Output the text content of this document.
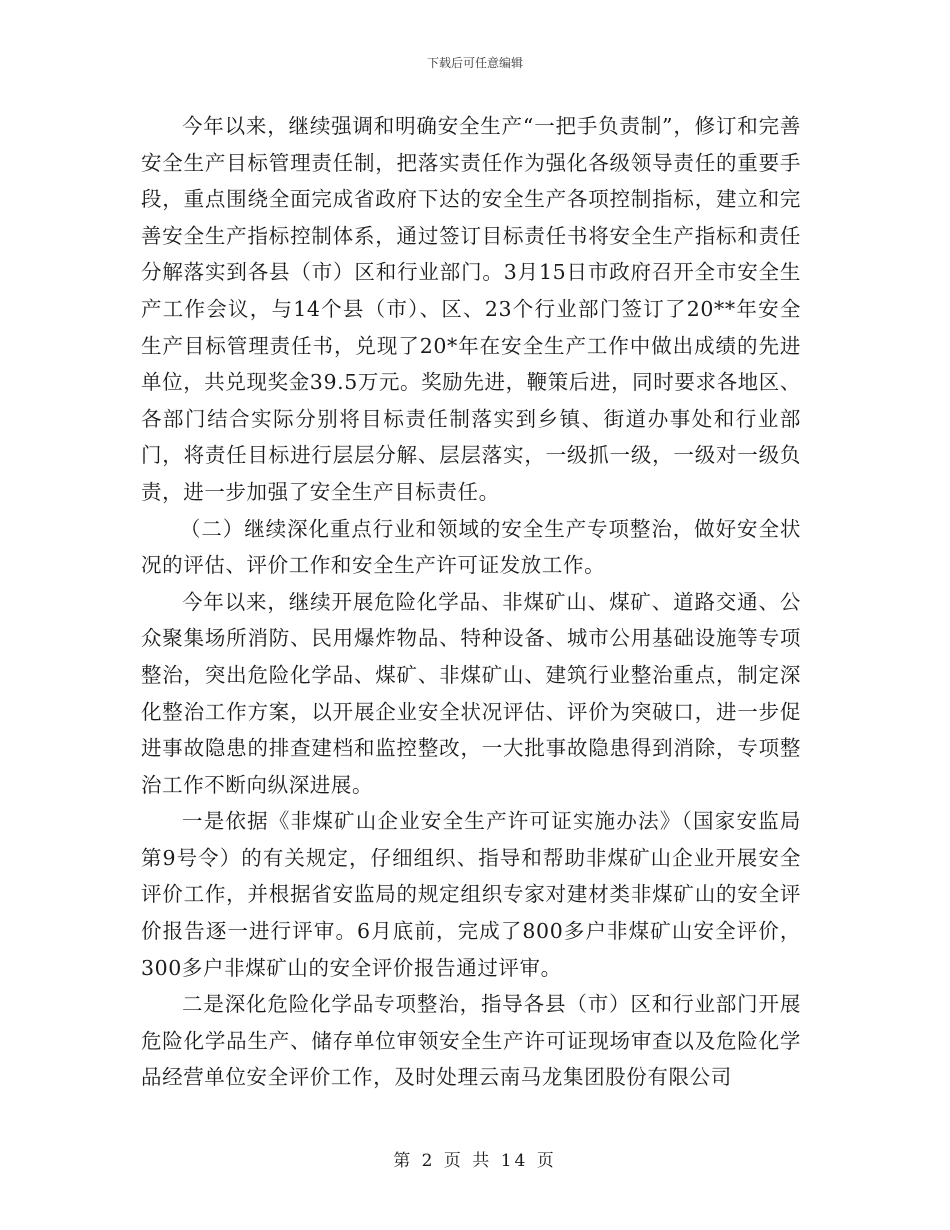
下载后可任意编辑

今年以来，继续强调和明确安全生产“一把手负责制”，修订和完善安全生产目标管理责任制，把落实责任作为强化各级领导责任的重要手段，重点围绕全面完成省政府下达的安全生产各项控制指标，建立和完善安全生产指标控制体系，通过签订目标责任书将安全生产指标和责任分解落实到各县（市）区和行业部门。3月15日市政府召开全市安全生产工作会议，与14个县（市）、区、23个行业部门签订了20**年安全生产目标管理责任书，兑现了20*年在安全生产工作中做出成绩的先进单位，共兑现奖金39.5万元。奖励先进，鞭策后进，同时要求各地区、各部门结合实际分别将目标责任制落实到乡镇、街道办事处和行业部门，将责任目标进行层层分解、层层落实，一级抓一级，一级对一级负责，进一步加强了安全生产目标责任。

（二）继续深化重点行业和领域的安全生产专项整治，做好安全状况的评估、评价工作和安全生产许可证发放工作。

今年以来，继续开展危险化学品、非煤矿山、煤矿、道路交通、公众聚集场所消防、民用爆炸物品、特种设备、城市公用基础设施等专项整治，突出危险化学品、煤矿、非煤矿山、建筑行业整治重点，制定深化整治工作方案，以开展企业安全状况评估、评价为突破口，进一步促进事故隐患的排查建档和监控整改，一大批事故隐患得到消除，专项整治工作不断向纵深进展。

一是依据《非煤矿山企业安全生产许可证实施办法》（国家安监局第9号令）的有关规定，仔细组织、指导和帮助非煤矿山企业开展安全评价工作，并根据省安监局的规定组织专家对建材类非煤矿山的安全评价报告逐一进行评审。6月底前，完成了800多户非煤矿山安全评价，300多户非煤矿山的安全评价报告通过评审。

二是深化危险化学品专项整治，指导各县（市）区和行业部门开展危险化学品生产、储存单位审领安全生产许可证现场审查以及危险化学品经营单位安全评价工作，及时处理云南马龙集团股份有限公司

第 2 页 共 14 页
